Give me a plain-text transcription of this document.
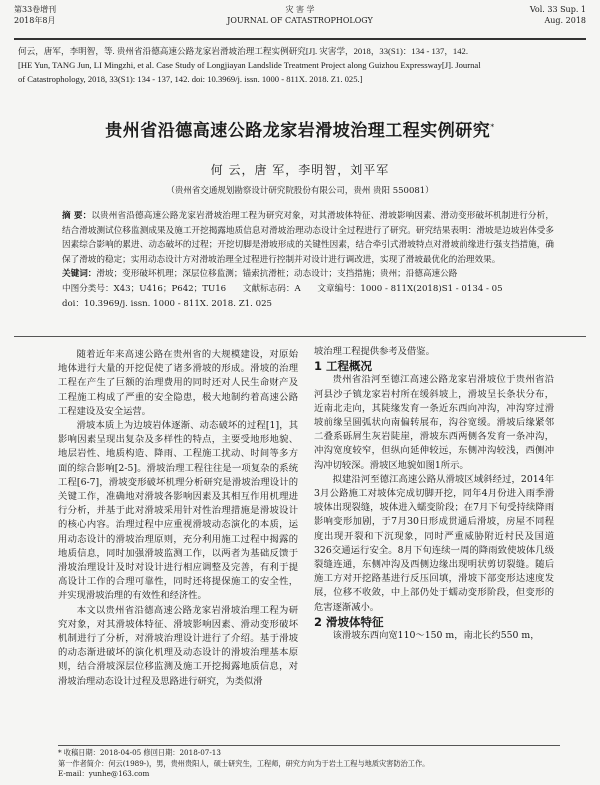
第33卷增刊
2018年8月
灾 害 学
JOURNAL OF CATASTROPHOLOGY
Vol. 33 Sup. 1
Aug. 2018

何云，唐军，李明智，等. 贵州省沿德高速公路龙家岩滑坡治理工程实例研究[J]. 灾害学，2018，33(S1)：134 - 137，142.

[HE Yun, TANG Jun, LI Mingzhi, et al. Case Study of Longjiayan Landslide Treatment Project along Guizhou Expressway[J]. Journal

of Catastrophology, 2018, 33(S1): 134 - 137, 142. doi: 10.3969/j. issn. 1000 - 811X. 2018. Z1. 025.]

贵州省沿德高速公路龙家岩滑坡治理工程实例研究*
何 云，唐 军，李明智，刘平军
（贵州省交通规划勘察设计研究院股份有限公司，贵州 贵阳 550081）

摘 要：以贵州省沿德高速公路龙家岩滑坡治理工程为研究对象，对其滑坡体特征、滑坡影响因素、滑动变形破坏机制进行分析，结合滑坡测试位移监测成果及施工开挖揭露地质信息对滑坡治理动态设计全过程进行了研究。研究结果表明：滑坡是边坡岩体受多因素综合影响的累进、动态破坏的过程；开挖切脚是滑坡形成的关键性因素，结合牵引式滑坡特点对滑坡前缘进行强支挡措施，确保了滑坡的稳定；实用动态设计方对滑坡治理全过程进行控制并对设计进行调改进，实现了滑坡最优化的治理效果。

关键词：滑坡；变形破坏机理；深层位移监测；锚索抗滑桩；动态设计；支挡措施；贵州；沿德高速公路

中图分类号：X43；U416；P642；TU16 文献标志码：A 文章编号：1000 - 811X(2018)S1 - 0134 - 05

doi：10.3969/j. issn. 1000 - 811X. 2018. Z1. 025

随着近年来高速公路在贵州省的大规模建设，对原始地体进行大量的开挖促使了诸多滑坡的形成。滑坡的治理工程在产生了巨额的治理费用的同时还对人民生命财产及工程施工构成了严重的安全隐患，极大地制约着高速公路工程建设及安全运营。

滑坡本质上为边坡岩体逐渐、动态破坏的过程[1]，其影响因素呈现出复杂及多样性的特点，主要受地形地貌、地层岩性、地质构造、降雨、工程施工扰动、时间等多方面的综合影响[2-5]。滑坡治理工程往往是一项复杂的系统工程[6-7]，滑坡变形破坏机理分析研究是滑坡治理设计的关键工作，准确地对滑坡各影响因素及其相互作用机理进行分析，并基于此对滑坡采用针对性治理措施是滑坡设计的核心内容。治理过程中应重视滑坡动态演化的本质，运用动态设计的滑坡治理原则，充分利用施工过程中揭露的地质信息，同时加强滑坡监测工作，以两者为基础反馈于滑坡治理设计及时对设计进行相应调整及完善，有利于提高设计工作的合理可靠性，同时还将提保施工的安全性，并实现滑坡治理的有效性和经济性。

本文以贵州省沿德高速公路龙家岩滑坡治理工程为研究对象，对其滑坡体特征、滑坡影响因素、滑动变形破坏机制进行了分析，对滑坡治理设计进行了介绍。基于滑坡的动态渐进破坏的演化机理及动态设计的滑坡治理基本原则，结合滑坡深层位移监测及施工开挖揭露地质信息，对滑坡治理动态设计过程及思路进行研究，为类似滑

坡治理工程提供参考及借鉴。

1 工程概况

贵州省沿河至德江高速公路龙家岩滑坡位于贵州省沿河县沙子镇龙家岩村所在缓斜坡上，滑坡呈长条状分布，近南北走向，其陡缘发育一条近东西向冲沟，冲沟穿过滑坡前缘呈圆弧状向南偏转展布，沟谷宽缓。滑坡后缘紧邻二叠系砾屑生灰岩陡崖，滑坡东西两侧各发育一条冲沟，冲沟宽度较窄，但纵向延伸较远，东侧冲沟较浅，西侧冲沟冲切较深。滑坡区地貌如图1所示。

拟建沿河至德江高速公路从滑坡区域斜经过，2014年3月公路施工对坡体完成切脚开挖，同年4月份进入雨季滑坡体出现裂缝，坡体进入蠕变阶段；在7月下旬受持续降雨影响变形加剧，于7月30日形成贯通后滑坡，房屋不同程度出现开裂和下沉现象，同时严重威胁附近村民及国道326交通运行安全。8月下旬连续一周的降雨致使坡体几级裂缝连通，东侧冲沟及西侧边缘出现明状剪切裂缝。随后施工方对开挖路基进行反压回填，滑坡下部变形达速度发展，位移不收敛，中上部仍处于蠕动变形阶段，但变形的危害逐渐减小。

2 滑坡体特征

该滑坡东西向宽110～150 m，南北长约550 m，

* 收稿日期：2018-04-05 修回日期：2018-07-13

第一作者简介：何云(1989-)，男，贵州贵阳人，硕士研究生，工程师，研究方向为于岩土工程与地质灾害防治工作。

E-mail：yunhe@163.com
